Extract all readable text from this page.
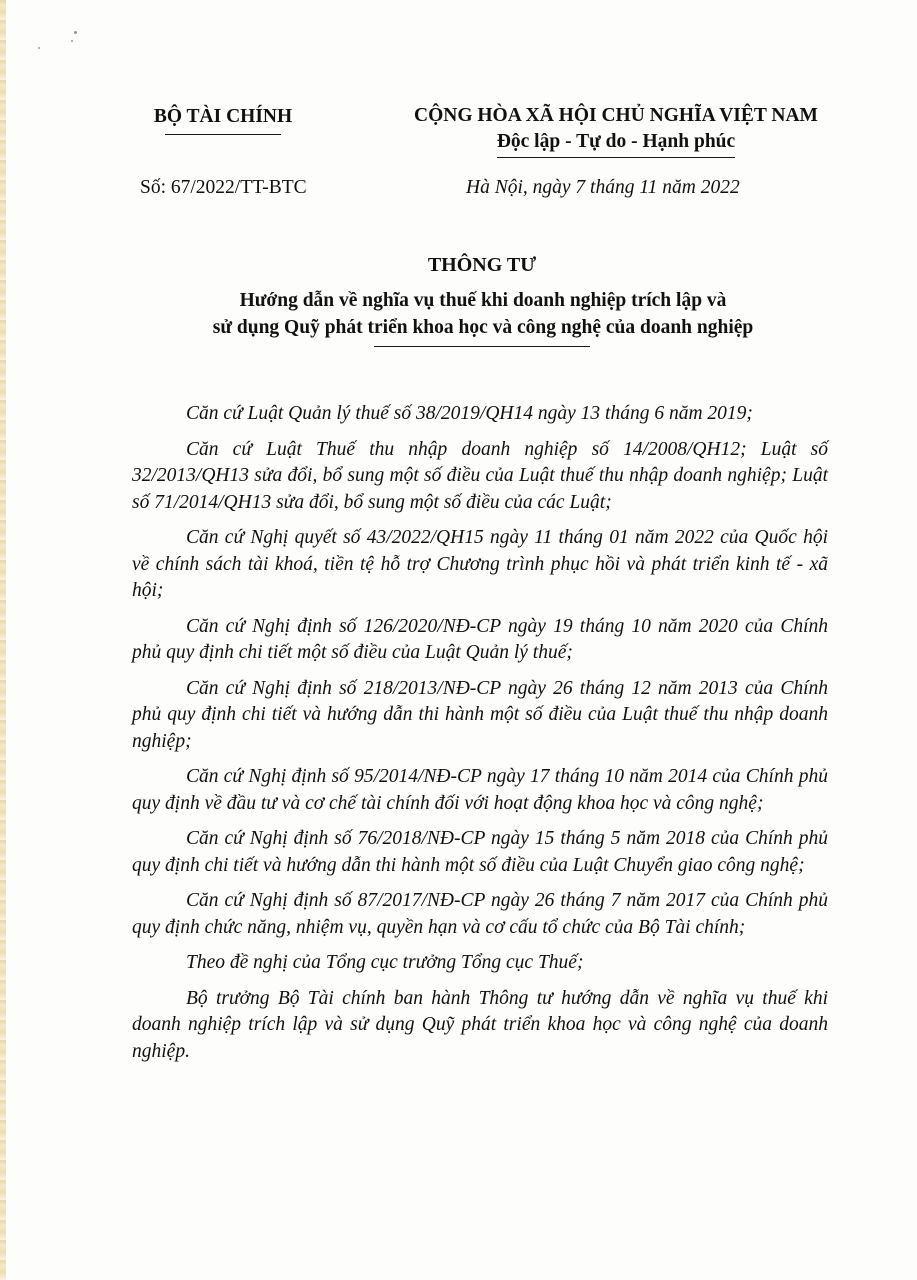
BỘ TÀI CHÍNH	CỘNG HÒA XÃ HỘI CHỦ NGHĨA VIỆT NAM
Độc lập - Tự do - Hạnh phúc
Số: 67/2022/TT-BTC	Hà Nội, ngày 7 tháng 11 năm 2022
THÔNG TƯ
Hướng dẫn về nghĩa vụ thuế khi doanh nghiệp trích lập và
sử dụng Quỹ phát triển khoa học và công nghệ của doanh nghiệp

Căn cứ Luật Quản lý thuế số 38/2019/QH14 ngày 13 tháng 6 năm 2019;

Căn cứ Luật Thuế thu nhập doanh nghiệp số 14/2008/QH12; Luật số 32/2013/QH13 sửa đổi, bổ sung một số điều của Luật thuế thu nhập doanh nghiệp; Luật số 71/2014/QH13 sửa đổi, bổ sung một số điều của các Luật;

Căn cứ Nghị quyết số 43/2022/QH15 ngày 11 tháng 01 năm 2022 của Quốc hội về chính sách tài khoá, tiền tệ hỗ trợ Chương trình phục hồi và phát triển kinh tế - xã hội;

Căn cứ Nghị định số 126/2020/NĐ-CP ngày 19 tháng 10 năm 2020 của Chính phủ quy định chi tiết một số điều của Luật Quản lý thuế;

Căn cứ Nghị định số 218/2013/NĐ-CP ngày 26 tháng 12 năm 2013 của Chính phủ quy định chi tiết và hướng dẫn thi hành một số điều của Luật thuế thu nhập doanh nghiệp;

Căn cứ Nghị định số 95/2014/NĐ-CP ngày 17 tháng 10 năm 2014 của Chính phủ quy định về đầu tư và cơ chế tài chính đối với hoạt động khoa học và công nghệ;

Căn cứ Nghị định số 76/2018/NĐ-CP ngày 15 tháng 5 năm 2018 của Chính phủ quy định chi tiết và hướng dẫn thi hành một số điều của Luật Chuyển giao công nghệ;

Căn cứ Nghị định số 87/2017/NĐ-CP ngày 26 tháng 7 năm 2017 của Chính phủ quy định chức năng, nhiệm vụ, quyền hạn và cơ cấu tổ chức của Bộ Tài chính;

Theo đề nghị của Tổng cục trưởng Tổng cục Thuế;

Bộ trưởng Bộ Tài chính ban hành Thông tư hướng dẫn về nghĩa vụ thuế khi doanh nghiệp trích lập và sử dụng Quỹ phát triển khoa học và công nghệ của doanh nghiệp.
